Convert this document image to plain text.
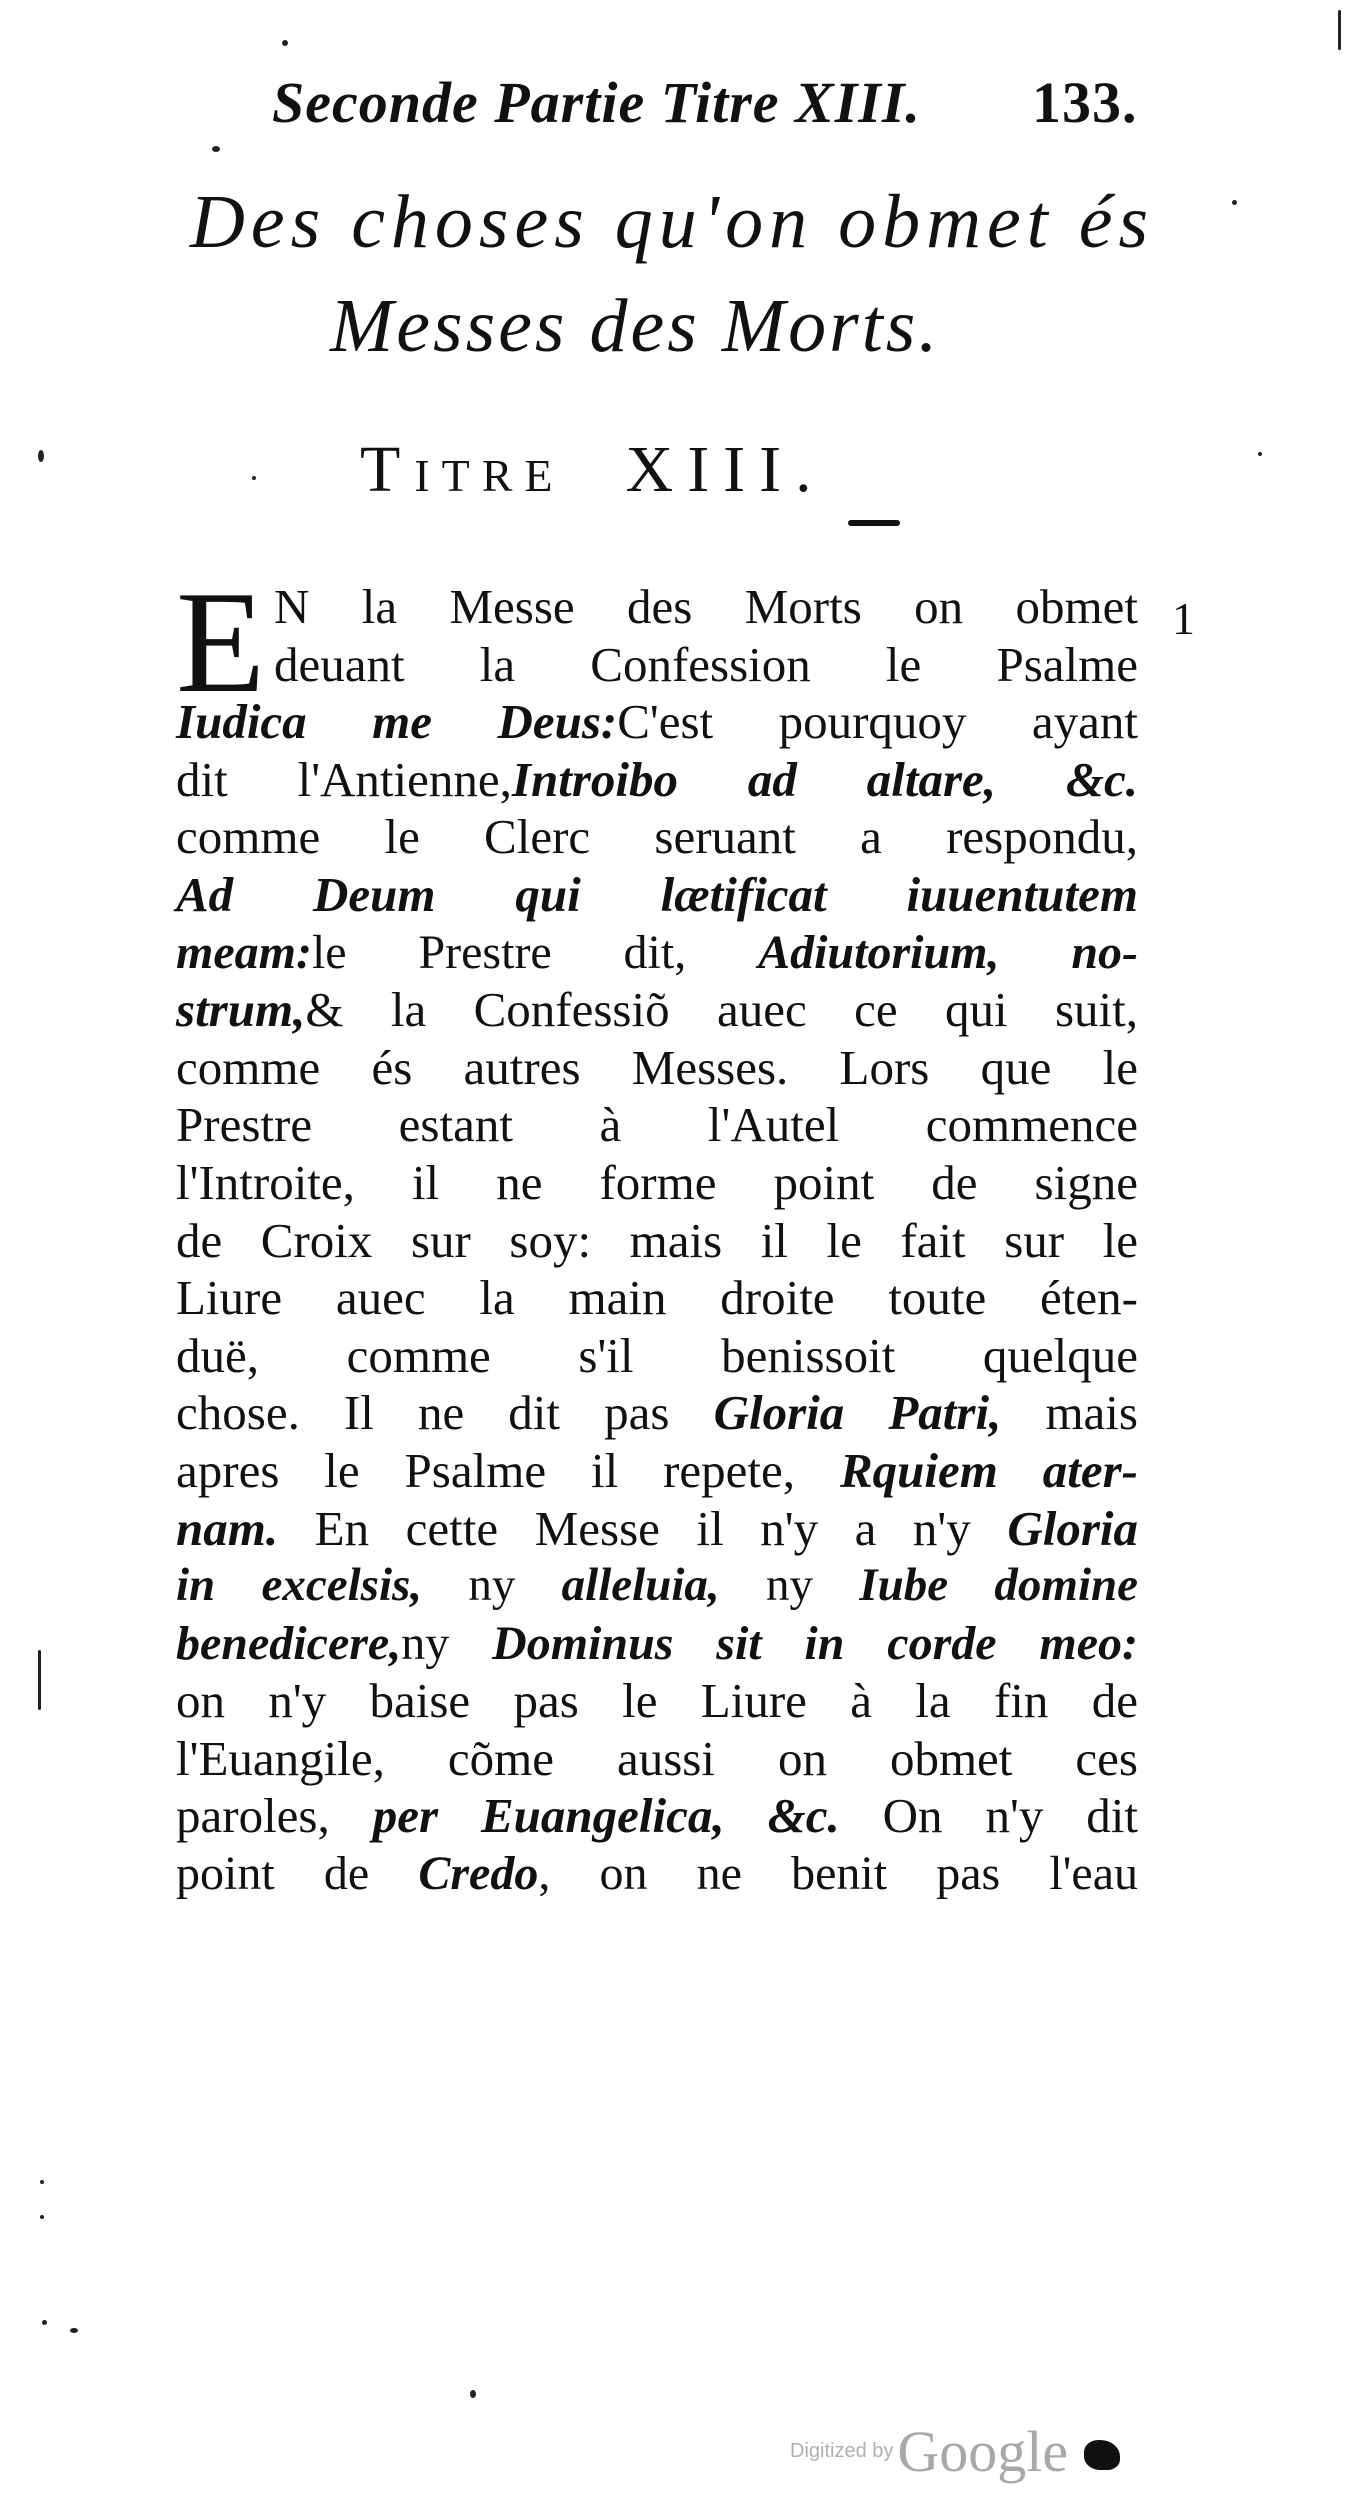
Seconde Partie Titre XIII. 133.
Des choses qu'on obmet és
Messes des Morts.
Titre XIII.
1
E N la Messe des Morts on obmet
deuant la Confession le Psalme
Iudica me Deus:C'est pourquoy ayant
dit l'Antienne,Introibo ad altare, &c.
comme le Clerc seruant a respondu,
Ad Deum qui lætificat iuuentutem
meam:le Prestre dit, Adiutorium, no-
strum,& la Confessiõ auec ce qui suit,
comme és autres Messes. Lors que le
Prestre estant à l'Autel commence
l'Introite, il ne forme point de signe
de Croix sur soy: mais il le fait sur le
Liure auec la main droite toute éten-
duë, comme s'il benissoit quelque
chose. Il ne dit pas Gloria Patri, mais
apres le Psalme il repete, Rquiem ater-
nam. En cette Messe il n'y a n'y Gloria
in excelsis, ny alleluia, ny Iube domine
benedicere,ny Dominus sit in corde meo:
on n'y baise pas le Liure à la fin de
l'Euangile, cõme aussi on obmet ces
paroles, per Euangelica, &c. On n'y dit
point de Credo, on ne benit pas l'eau
Digitized by Google
